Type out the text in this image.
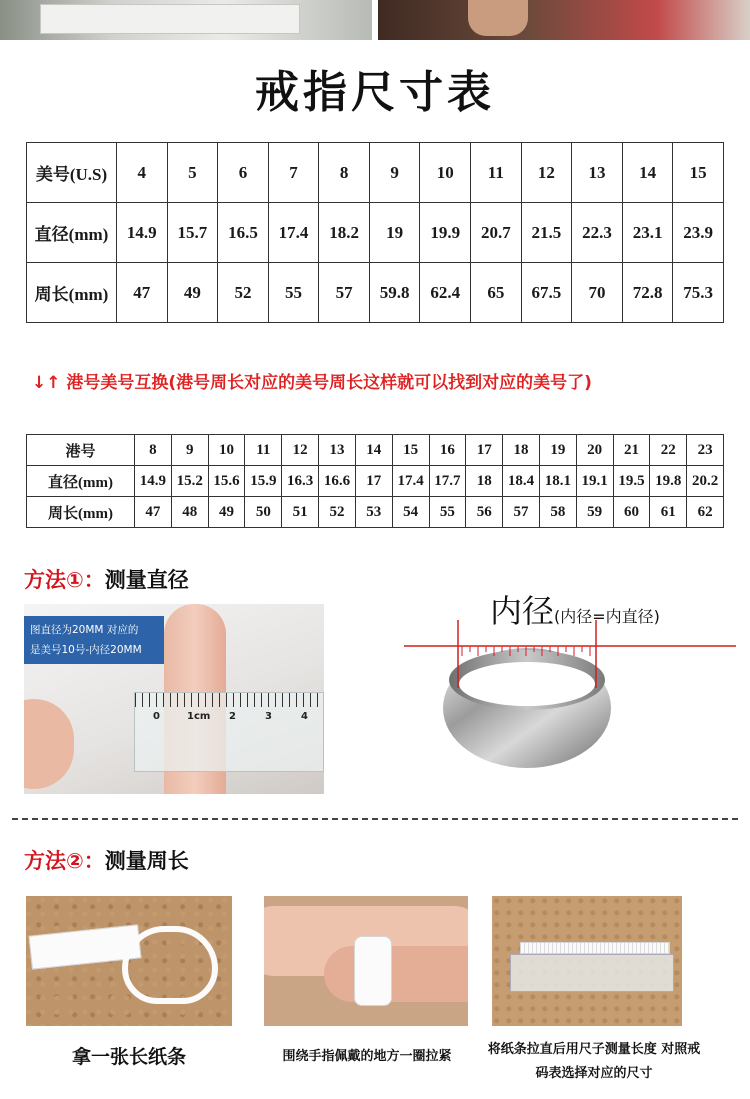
戒指尺寸表
美号(U.S)	4	5	6	7	8	9	10	11	12	13	14	15
直径(mm)	14.9	15.7	16.5	17.4	18.2	19	19.9	20.7	21.5	22.3	23.1	23.9
周长(mm)	47	49	52	55	57	59.8	62.4	65	67.5	70	72.8	75.3
↓↑ 港号美号互换(港号周长对应的美号周长这样就可以找到对应的美号了)
港号	8	9	10	11	12	13	14	15	16	17	18	19	20	21	22	23
直径(mm)	14.9	15.2	15.6	15.9	16.3	16.6	17	17.4	17.7	18	18.4	18.1	19.1	19.5	19.8	20.2
周长(mm)	47	48	49	50	51	52	53	54	55	56	57	58	59	60	61	62
方法①：测量直径
0	1cm 2	3	4
图直径为20MM 对应的
是美号10号-内径20MM
内径(内径=内直径)
方法②：测量周长
拿一张长纸条	围绕手指佩戴的地方一圈拉紧	将纸条拉直后用尺子测量长度 对照戒码表选择对应的尺寸
